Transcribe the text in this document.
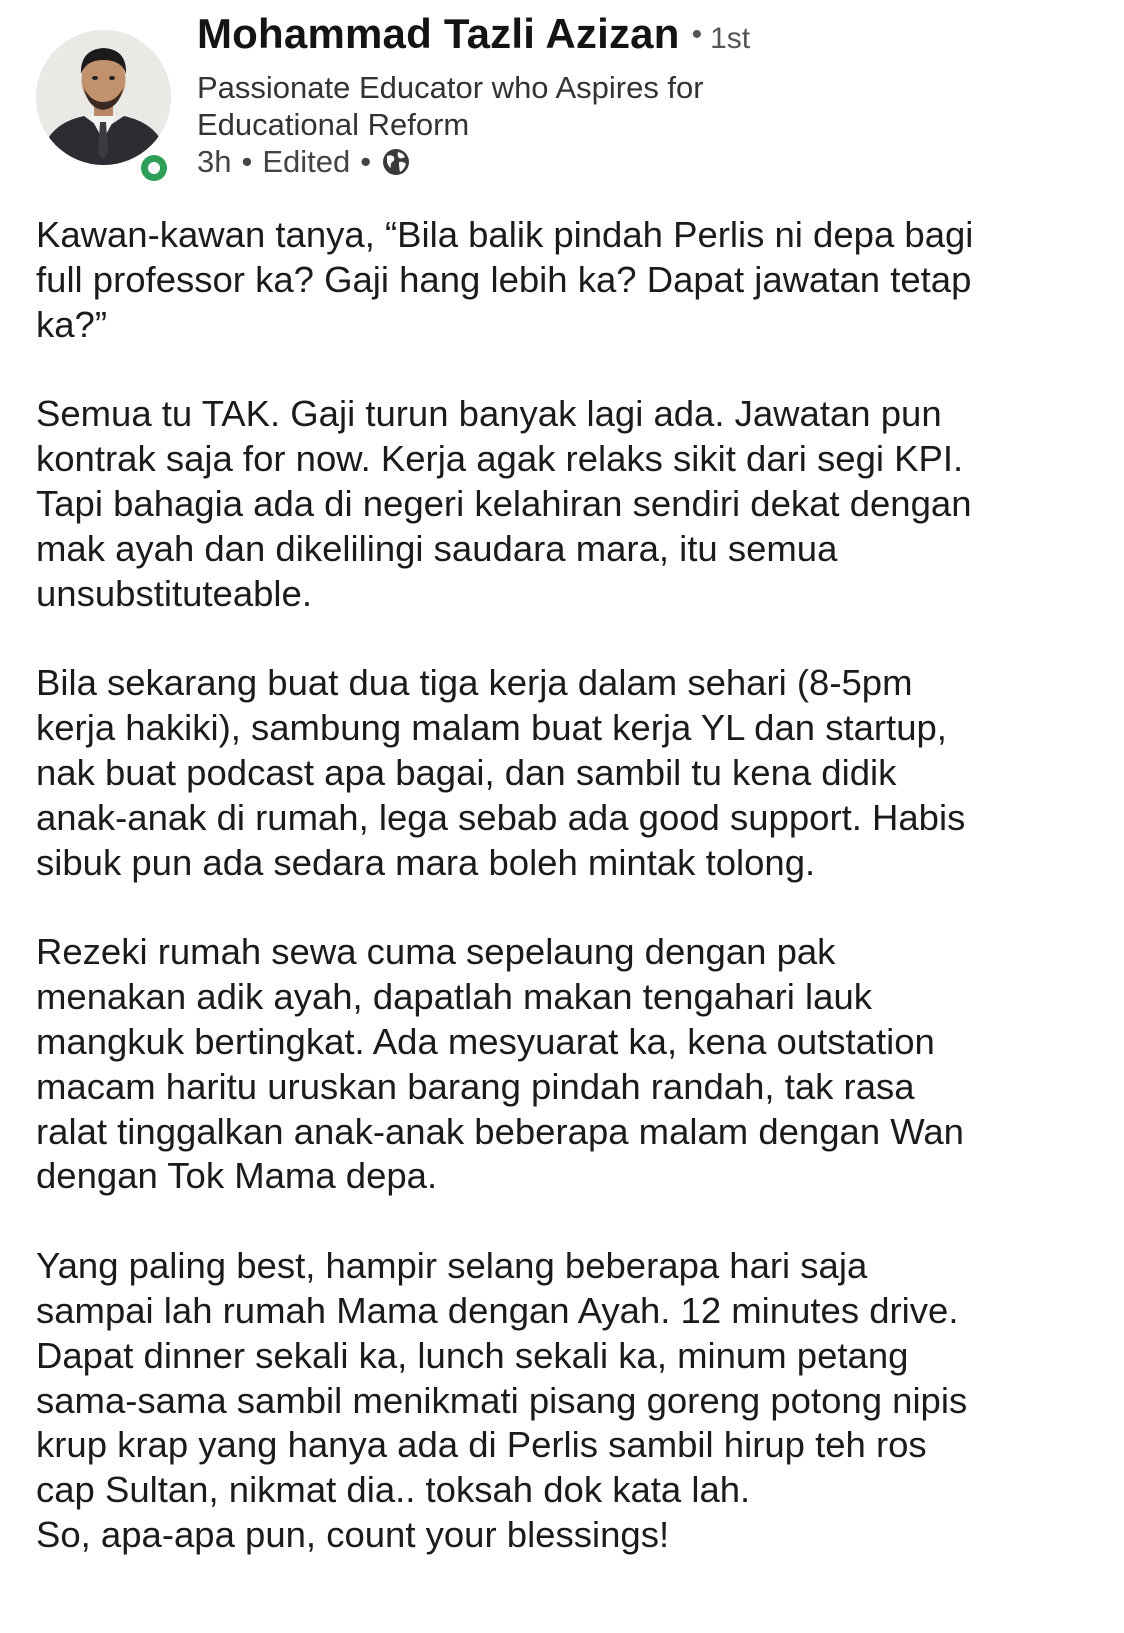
Mohammad Tazli Azizan • 1st
Passionate Educator who Aspires for
Educational Reform
3h • Edited •
Kawan-kawan tanya, “Bila balik pindah Perlis ni depa bagi
full professor ka? Gaji hang lebih ka? Dapat jawatan tetap
ka?”
Semua tu TAK. Gaji turun banyak lagi ada. Jawatan pun
kontrak saja for now. Kerja agak relaks sikit dari segi KPI.
Tapi bahagia ada di negeri kelahiran sendiri dekat dengan
mak ayah dan dikelilingi saudara mara, itu semua
unsubstituteable.
Bila sekarang buat dua tiga kerja dalam sehari (8-5pm
kerja hakiki), sambung malam buat kerja YL dan startup,
nak buat podcast apa bagai, dan sambil tu kena didik
anak-anak di rumah, lega sebab ada good support. Habis
sibuk pun ada sedara mara boleh mintak tolong.
Rezeki rumah sewa cuma sepelaung dengan pak
menakan adik ayah, dapatlah makan tengahari lauk
mangkuk bertingkat. Ada mesyuarat ka, kena outstation
macam haritu uruskan barang pindah randah, tak rasa
ralat tinggalkan anak-anak beberapa malam dengan Wan
dengan Tok Mama depa.
Yang paling best, hampir selang beberapa hari saja
sampai lah rumah Mama dengan Ayah. 12 minutes drive.
Dapat dinner sekali ka, lunch sekali ka, minum petang
sama-sama sambil menikmati pisang goreng potong nipis
krup krap yang hanya ada di Perlis sambil hirup teh ros
cap Sultan, nikmat dia.. toksah dok kata lah.
So, apa-apa pun, count your blessings!
